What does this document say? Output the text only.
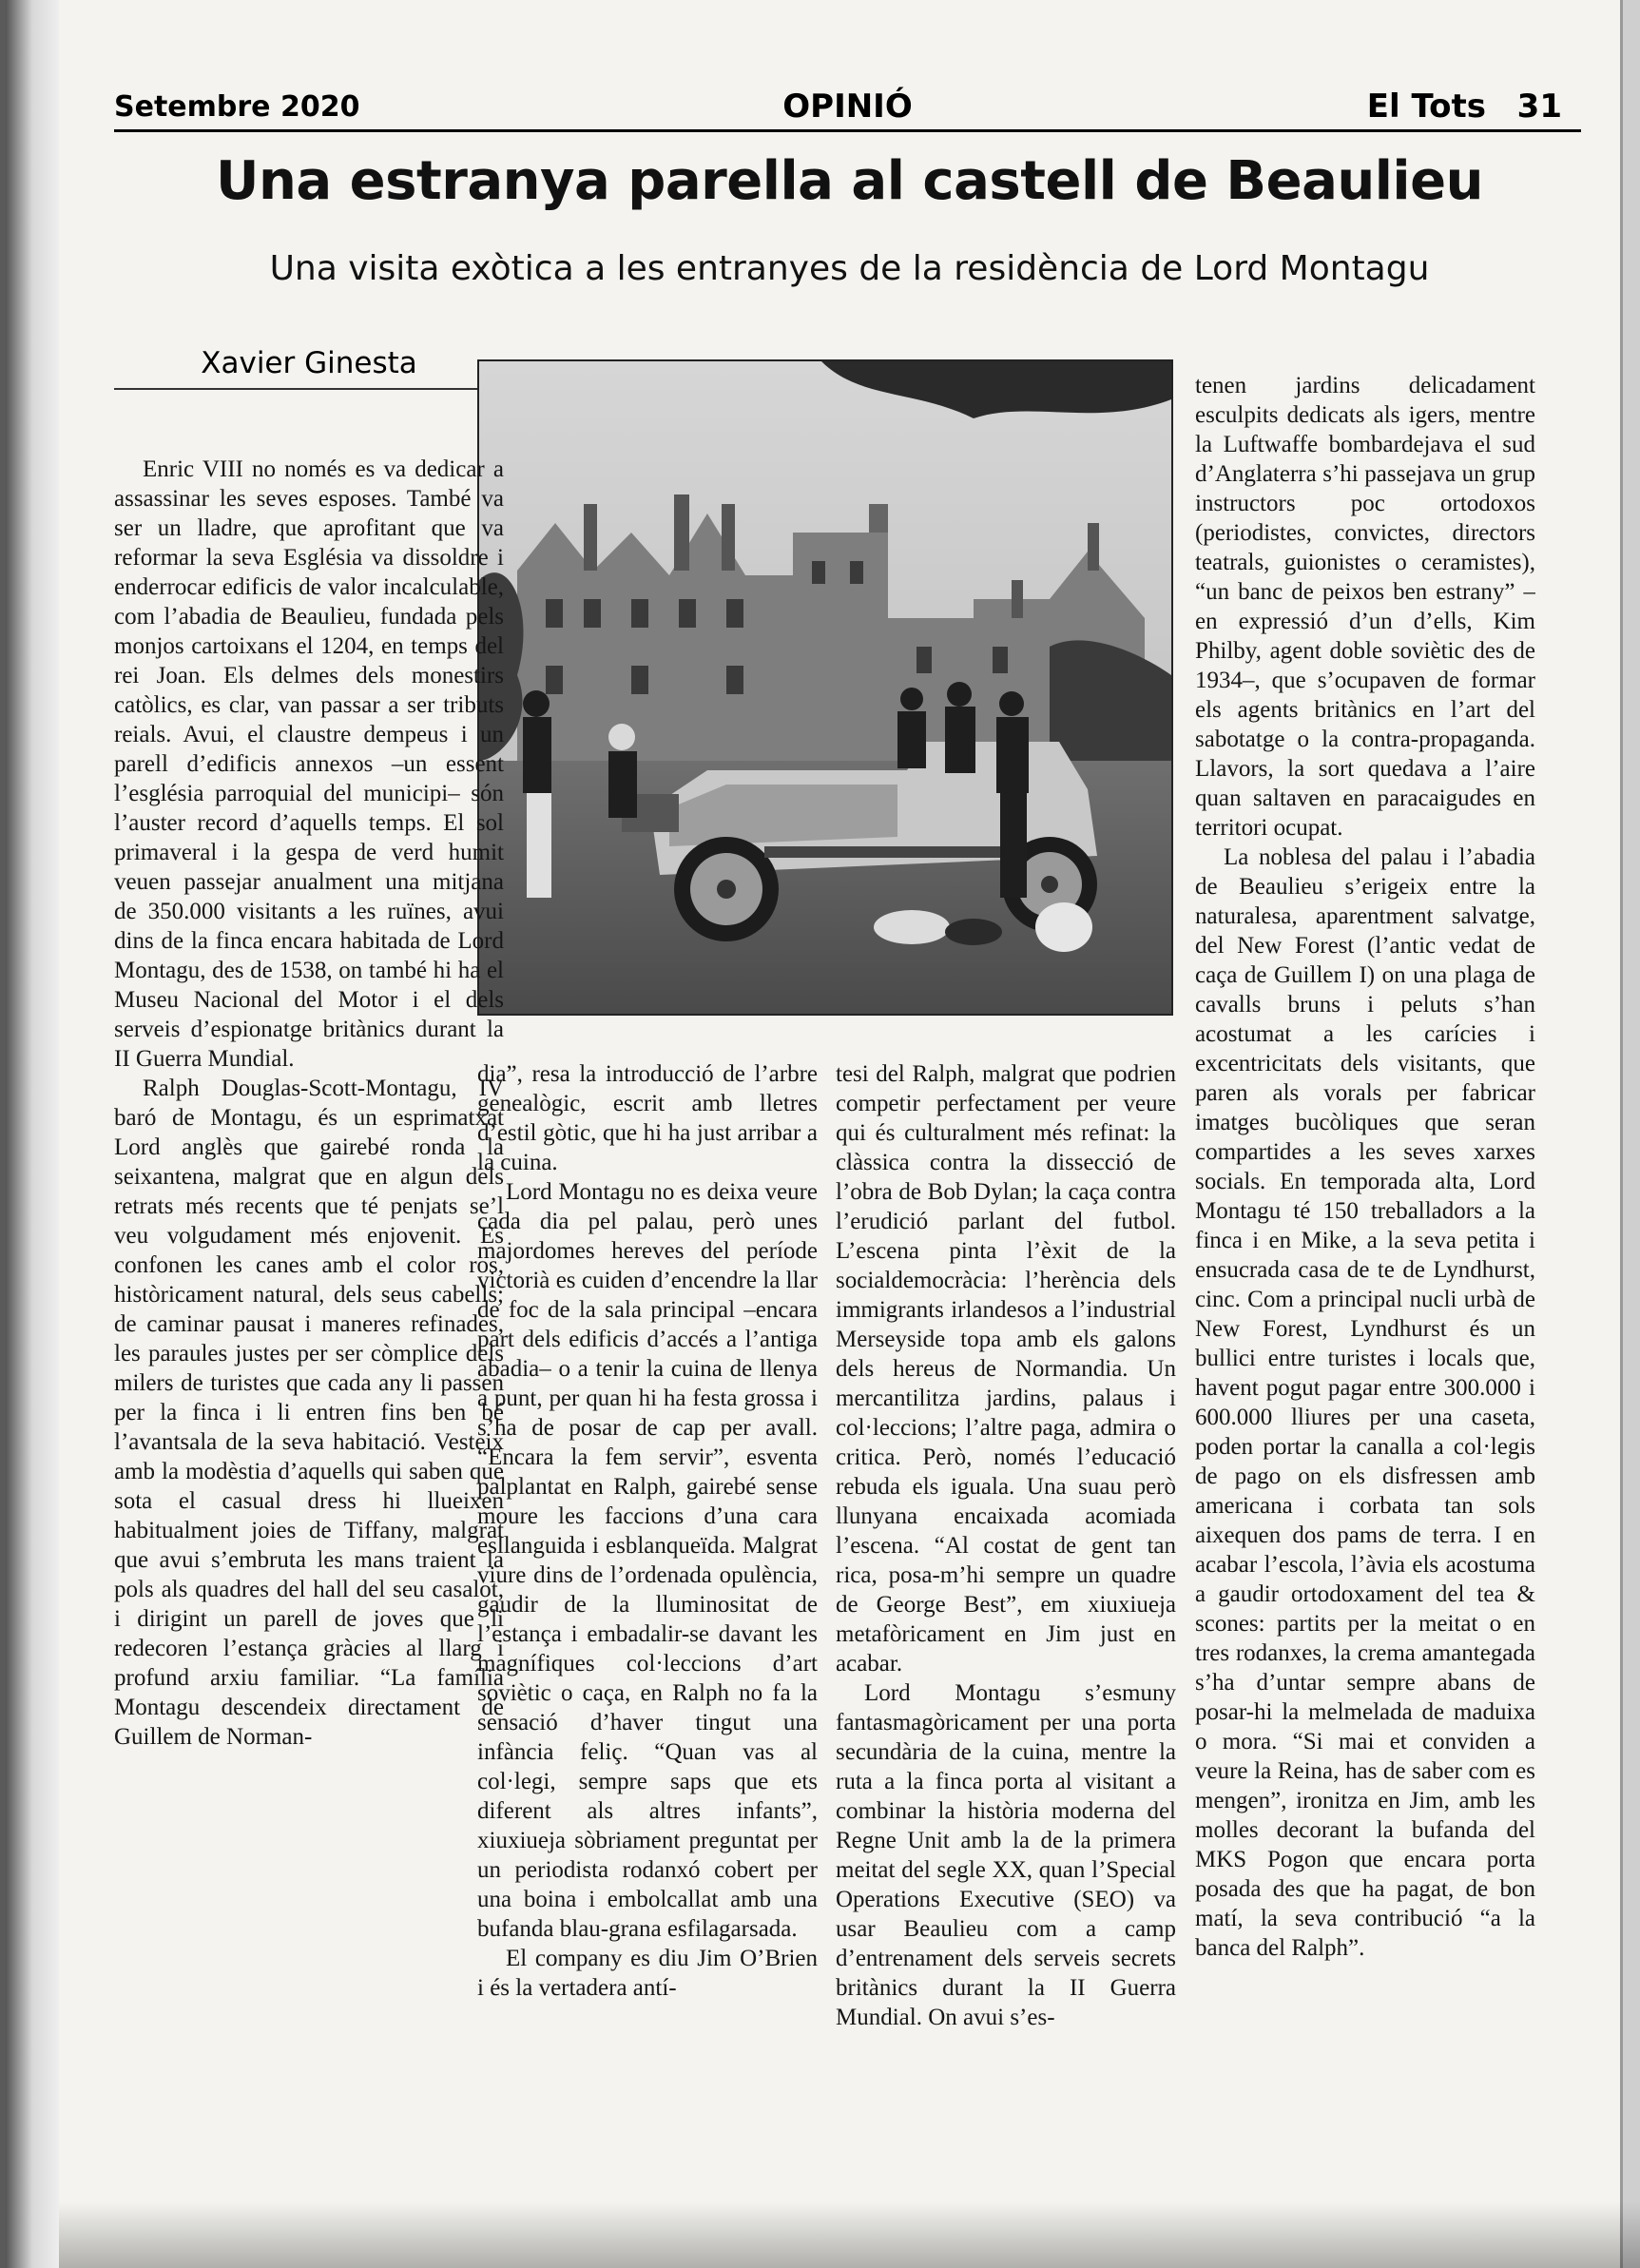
Setembre 2020	OPINIÓ	El Tots 31
Una estranya parella al castell de Beaulieu
Una visita exòtica a les entranyes de la residència de Lord Montagu
Xavier Ginesta

Enric VIII no només es va dedicar a assassinar les seves esposes. També va ser un lladre, que aprofitant que va reformar la seva Església va dissoldre i enderrocar edificis de valor incalculable, com l’abadia de Beaulieu, fundada pels monjos cartoixans el 1204, en temps del rei Joan. Els delmes dels monestirs catòlics, es clar, van passar a ser tributs reials. Avui, el claustre dempeus i un parell d’edificis annexos –un essent l’església parroquial del municipi– són l’auster record d’aquells temps. El sol primaveral i la gespa de verd humit veuen passejar anualment una mitjana de 350.000 visitants a les ruïnes, avui dins de la finca encara habitada de Lord Montagu, des de 1538, on també hi ha el Museu Nacional del Motor i el dels serveis d’espionatge britànics durant la II Guerra Mundial.

Ralph Douglas-Scott-Montagu, IV baró de Montagu, és un esprimatxat Lord anglès que gairebé ronda la seixantena, malgrat que en algun dels retrats més recents que té penjats se’l veu volgudament més enjovenit. Es confonen les canes amb el color ros, històricament natural, dels seus cabells; de caminar pausat i maneres refinades, les paraules justes per ser còmplice dels milers de turistes que cada any li passen per la finca i li entren fins ben bé l’avantsala de la seva habitació. Vesteix amb la modèstia d’aquells qui saben que sota el casual dress hi llueixen habitualment joies de Tiffany, malgrat que avui s’embruta les mans traient la pols als quadres del hall del seu casalot, i dirigint un parell de joves que li redecoren l’estança gràcies al llarg i profund arxiu familiar. “La família Montagu descendeix directament de Guillem de Norman-

dia”, resa la introducció de l’arbre genealògic, escrit amb lletres d’estil gòtic, que hi ha just arribar a la cuina.

Lord Montagu no es deixa veure cada dia pel palau, però unes majordomes hereves del període victorià es cuiden d’encendre la llar de foc de la sala principal –encara part dels edificis d’accés a l’antiga abadia– o a tenir la cuina de llenya a punt, per quan hi ha festa grossa i s’ha de posar de cap per avall. “Encara la fem servir”, esventa palplantat en Ralph, gairebé sense moure les faccions d’una cara esllanguida i esblanqueïda. Malgrat viure dins de l’ordenada opulència, gaudir de la lluminositat de l’estança i embadalir-se davant les magnífiques col·leccions d’art soviètic o caça, en Ralph no fa la sensació d’haver tingut una infància feliç. “Quan vas al col·legi, sempre saps que ets diferent als altres infants”, xiuxiueja sòbriament preguntat per un periodista rodanxó cobert per una boina i embolcallat amb una bufanda blau-grana esfilagarsada.

El company es diu Jim O’Brien i és la vertadera antí-

tesi del Ralph, malgrat que podrien competir perfectament per veure qui és culturalment més refinat: la clàssica contra la dissecció de l’obra de Bob Dylan; la caça contra l’erudició parlant del futbol. L’escena pinta l’èxit de la socialdemocràcia: l’herència dels immigrants irlandesos a l’industrial Merseyside topa amb els galons dels hereus de Normandia. Un mercantilitza jardins, palaus i col·leccions; l’altre paga, admira o critica. Però, només l’educació rebuda els iguala. Una suau però llunyana encaixada acomiada l’escena. “Al costat de gent tan rica, posa-m’hi sempre un quadre de George Best”, em xiuxiueja metafòricament en Jim just en acabar.

Lord Montagu s’esmuny fantasmagòricament per una porta secundària de la cuina, mentre la ruta a la finca porta al visitant a combinar la història moderna del Regne Unit amb la de la primera meitat del segle XX, quan l’Special Operations Executive (SEO) va usar Beaulieu com a camp d’entrenament dels serveis secrets britànics durant la II Guerra Mundial. On avui s’es-

tenen jardins delicadament esculpits dedicats als igers, mentre la Luftwaffe bombardejava el sud d’Anglaterra s’hi passejava un grup instructors poc ortodoxos (periodistes, convictes, directors teatrals, guionistes o ceramistes), “un banc de peixos ben estrany” – en expressió d’un d’ells, Kim Philby, agent doble soviètic des de 1934–, que s’ocupaven de formar els agents britànics en l’art del sabotatge o la contra-propaganda. Llavors, la sort quedava a l’aire quan saltaven en paracaigudes en territori ocupat.

La noblesa del palau i l’abadia de Beaulieu s’erigeix entre la naturalesa, aparentment salvatge, del New Forest (l’antic vedat de caça de Guillem I) on una plaga de cavalls bruns i peluts s’han acostumat a les carícies i excentricitats dels visitants, que paren als vorals per fabricar imatges bucòliques que seran compartides a les seves xarxes socials. En temporada alta, Lord Montagu té 150 treballadors a la finca i en Mike, a la seva petita i ensucrada casa de te de Lyndhurst, cinc. Com a principal nucli urbà de New Forest, Lyndhurst és un bullici entre turistes i locals que, havent pogut pagar entre 300.000 i 600.000 lliures per una caseta, poden portar la canalla a col·legis de pago on els disfressen amb americana i corbata tan sols aixequen dos pams de terra. I en acabar l’escola, l’àvia els acostuma a gaudir ortodoxament del tea & scones: partits per la meitat o en tres rodanxes, la crema amantegada s’ha d’untar sempre abans de posar-hi la melmelada de maduixa o mora. “Si mai et conviden a veure la Reina, has de saber com es mengen”, ironitza en Jim, amb les molles decorant la bufanda del MKS Pogon que encara porta posada des que ha pagat, de bon matí, la seva contribució “a la banca del Ralph”.
